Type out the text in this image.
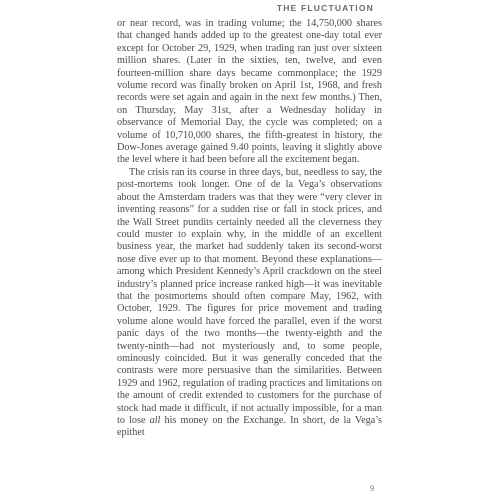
THE FLUCTUATION

or near record, was in trading volume; the 14,750,000 shares that changed hands added up to the greatest one-day total ever except for October 29, 1929, when trading ran just over sixteen million shares. (Later in the sixties, ten, twelve, and even fourteen-million share days became commonplace; the 1929 volume record was finally broken on April 1st, 1968, and fresh records were set again and again in the next few months.) Then, on Thursday, May 31st, after a Wednesday holiday in observance of Memorial Day, the cycle was completed; on a volume of 10,710,000 shares, the fifth-greatest in history, the Dow-Jones average gained 9.40 points, leaving it slightly above the level where it had been before all the excitement began.

The crisis ran its course in three days, but, needless to say, the post-mortems took longer. One of de la Vega’s observations about the Amsterdam traders was that they were “very clever in inventing reasons” for a sudden rise or fall in stock prices, and the Wall Street pundits certainly needed all the cleverness they could muster to explain why, in the middle of an excellent business year, the market had suddenly taken its second-worst nose dive ever up to that moment. Beyond these explanations—among which President Kennedy’s April crackdown on the steel industry’s planned price increase ranked high—it was inevitable that the postmortems should often compare May, 1962, with October, 1929. The figures for price movement and trading volume alone would have forced the parallel, even if the worst panic days of the two months—the twenty-eighth and the twenty-ninth—had not mysteriously and, to some people, ominously coincided. But it was generally conceded that the contrasts were more persuasive than the similarities. Between 1929 and 1962, regulation of trading practices and limitations on the amount of credit extended to customers for the purchase of stock had made it difficult, if not actually impossible, for a man to lose all his money on the Exchange. In short, de la Vega’s epithet

9
